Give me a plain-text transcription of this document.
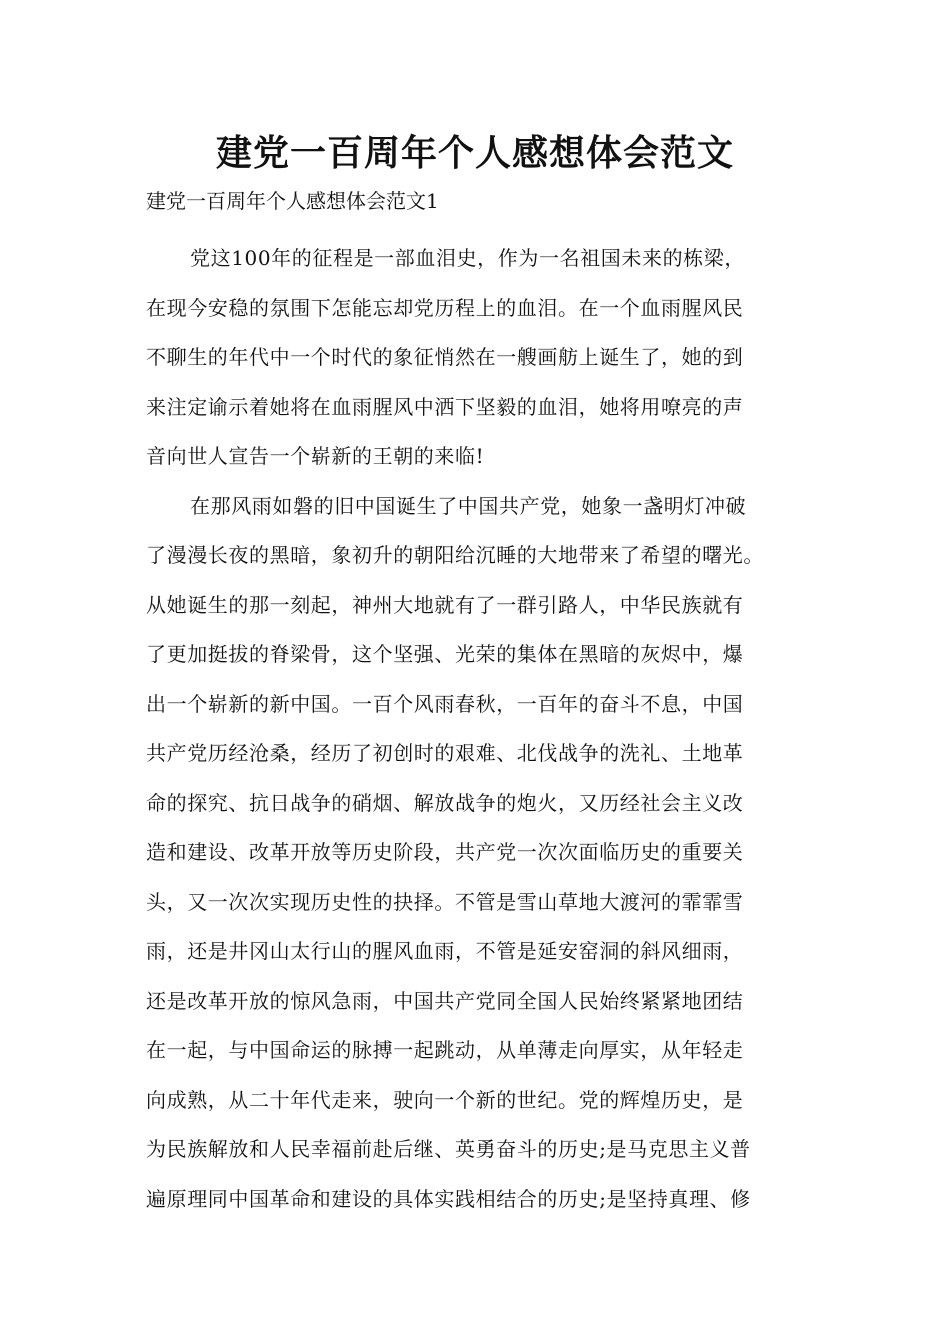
建党一百周年个人感想体会范文

建党一百周年个人感想体会范文1

党这100年的征程是一部血泪史，作为一名祖国未来的栋梁，
在现今安稳的氛围下怎能忘却党历程上的血泪。在一个血雨腥风民
不聊生的年代中一个时代的象征悄然在一艘画舫上诞生了，她的到
来注定谕示着她将在血雨腥风中洒下坚毅的血泪，她将用嘹亮的声
音向世人宣告一个崭新的王朝的来临!

在那风雨如磐的旧中国诞生了中国共产党，她象一盏明灯冲破
了漫漫长夜的黑暗，象初升的朝阳给沉睡的大地带来了希望的曙光。
从她诞生的那一刻起，神州大地就有了一群引路人，中华民族就有
了更加挺拔的脊梁骨，这个坚强、光荣的集体在黑暗的灰烬中，爆
出一个崭新的新中国。一百个风雨春秋，一百年的奋斗不息，中国
共产党历经沧桑，经历了初创时的艰难、北伐战争的洗礼、土地革
命的探究、抗日战争的硝烟、解放战争的炮火，又历经社会主义改
造和建设、改革开放等历史阶段，共产党一次次面临历史的重要关
头，又一次次实现历史性的抉择。不管是雪山草地大渡河的霏霏雪
雨，还是井冈山太行山的腥风血雨，不管是延安窑洞的斜风细雨，
还是改革开放的惊风急雨，中国共产党同全国人民始终紧紧地团结
在一起，与中国命运的脉搏一起跳动，从单薄走向厚实，从年轻走
向成熟，从二十年代走来，驶向一个新的世纪。党的辉煌历史，是
为民族解放和人民幸福前赴后继、英勇奋斗的历史;是马克思主义普
遍原理同中国革命和建设的具体实践相结合的历史;是坚持真理、修
